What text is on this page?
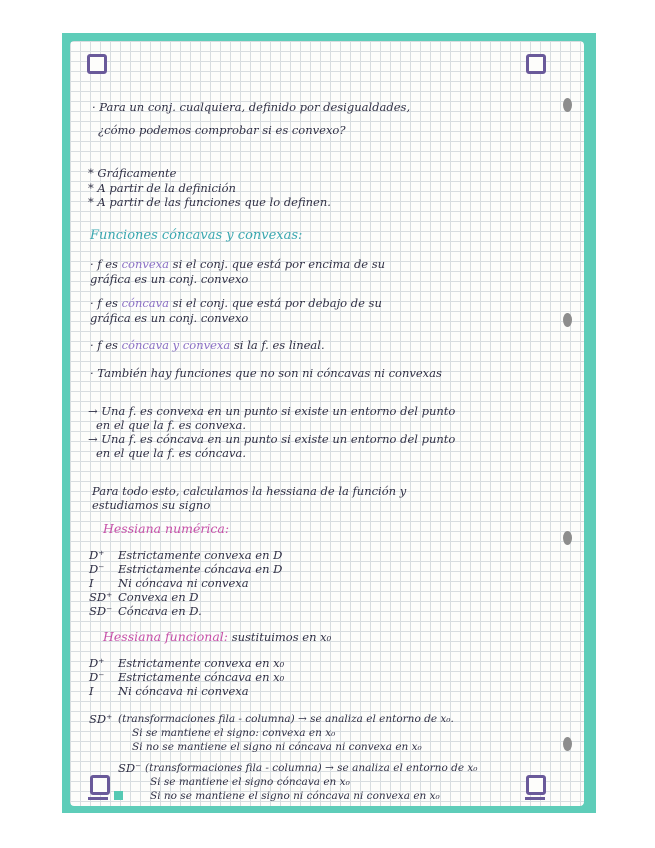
· Para un conj. cualquiera, definido por desigualdades,
¿cómo podemos comprobar si es convexo?
* Gráficamente
* A partir de la definición
* A partir de las funciones que lo definen.
Funciones cóncavas y convexas:
· f es convexa si el conj. que está por encima de su
gráfica es un conj. convexo
· f es cóncava si el conj. que está por debajo de su
gráfica es un conj. convexo
· f es cóncava y convexa si la f. es lineal.
· También hay funciones que no son ni cóncavas ni convexas
→ Una f. es convexa en un punto si existe un entorno del punto
en el que la f. es convexa.
→ Una f. es cóncava en un punto si existe un entorno del punto
en el que la f. es cóncava.
Para todo esto, calculamos la hessiana de la función y
estudiamos su signo
Hessiana numérica:
D⁺	Estrictamente convexa en D
D⁻	Estrictamente cóncava en D
I	Ni cóncava ni convexa
SD⁺ Convexa en D
SD⁻ Cóncava en D.
Hessiana funcional: sustituimos en x₀
D⁺	Estrictamente convexa en x₀
D⁻	Estrictamente cóncava en x₀
I	Ni cóncava ni convexa
SD⁺ (transformaciones fila - columna) → se analiza el entorno de x₀.
Si se mantiene el signo: convexa en x₀
Si no se mantiene el signo ni cóncava ni convexa en x₀
SD⁻ (transformaciones fila - columna) → se analiza el entorno de x₀
Si se mantiene el signo cóncava en x₀
Si no se mantiene el signo ni cóncava ni convexa en x₀
